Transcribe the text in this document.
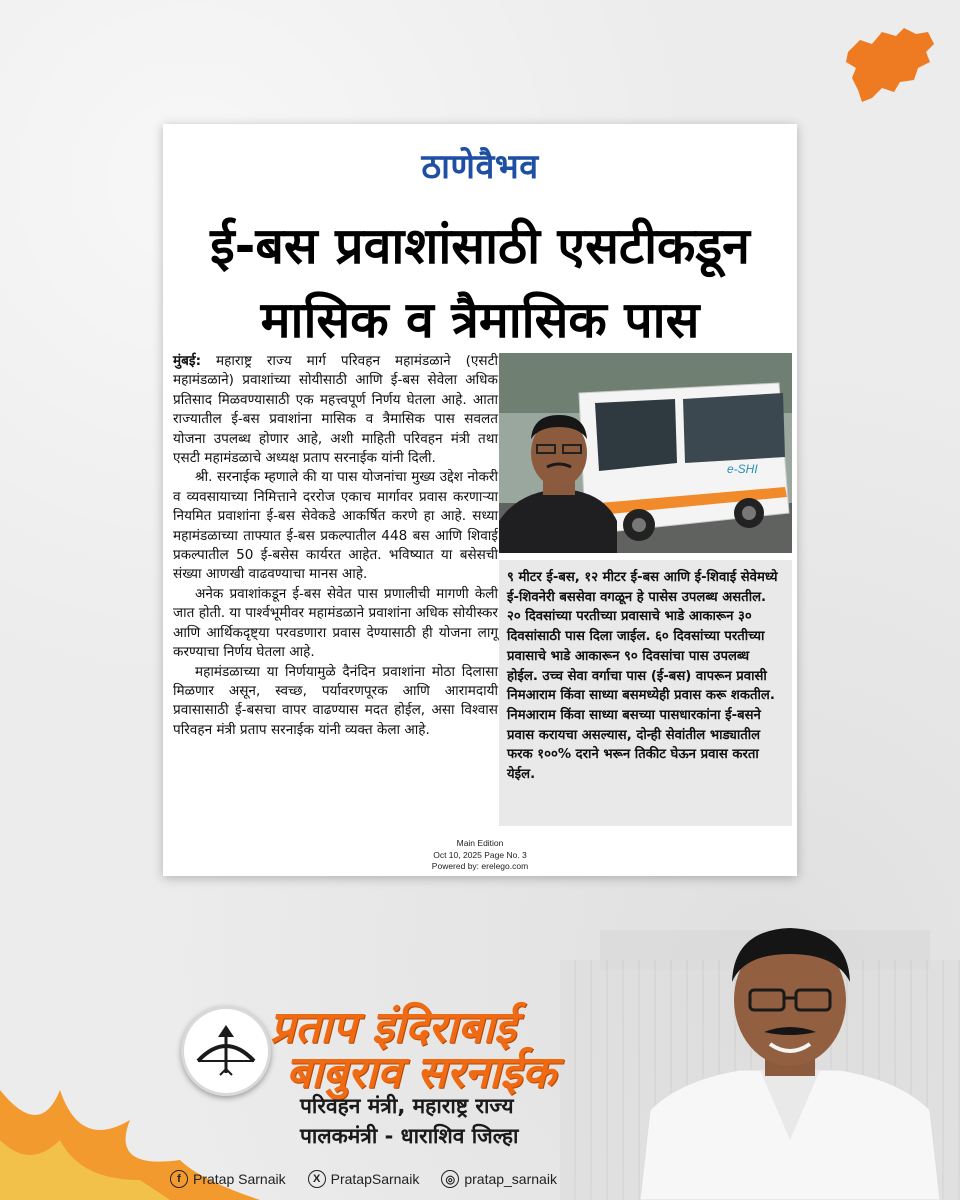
ठाणेवैभव
ई-बस प्रवाशांसाठी एसटीकडून
मासिक व त्रैमासिक पास

मुंबई: महाराष्ट्र राज्य मार्ग परिवहन महामंडळाने (एसटी महामंडळाने) प्रवाशांच्या सोयीसाठी आणि ई-बस सेवेला अधिक प्रतिसाद मिळवण्यासाठी एक महत्त्वपूर्ण निर्णय घेतला आहे. आता राज्यातील ई-बस प्रवाशांना मासिक व त्रैमासिक पास सवलत योजना उपलब्ध होणार आहे, अशी माहिती परिवहन मंत्री तथा एसटी महामंडळाचे अध्यक्ष प्रताप सरनाईक यांनी दिली.

श्री. सरनाईक म्हणाले की या पास योजनांचा मुख्य उद्देश नोकरी व व्यवसायाच्या निमित्ताने दररोज एकाच मार्गावर प्रवास करणाऱ्या नियमित प्रवाशांना ई-बस सेवेकडे आकर्षित करणे हा आहे. सध्या महामंडळाच्या ताफ्यात ई-बस प्रकल्पातील 448 बस आणि शिवाई प्रकल्पातील 50 ई-बसेस कार्यरत आहेत. भविष्यात या बसेसची संख्या आणखी वाढवण्याचा मानस आहे.

अनेक प्रवाशांकडून ई-बस सेवेत पास प्रणालीची मागणी केली जात होती. या पार्श्वभूमीवर महामंडळाने प्रवाशांना अधिक सोयीस्कर आणि आर्थिकदृष्ट्या परवडणारा प्रवास देण्यासाठी ही योजना लागू करण्याचा निर्णय घेतला आहे.

महामंडळाच्या या निर्णयामुळे दैनंदिन प्रवाशांना मोठा दिलासा मिळणार असून, स्वच्छ, पर्यावरणपूरक आणि आरामदायी प्रवासासाठी ई-बसचा वापर वाढण्यास मदत होईल, असा विश्वास परिवहन मंत्री प्रताप सरनाईक यांनी व्यक्त केला आहे.

e-SHI
९ मीटर ई-बस, १२ मीटर ई-बस आणि ई-शिवाई सेवेमध्ये ई-शिवनेरी बससेवा वगळून हे पासेस उपलब्ध असतील. २० दिवसांच्या परतीच्या प्रवासाचे भाडे आकारून ३० दिवसांसाठी पास दिला जाईल. ६० दिवसांच्या परतीच्या प्रवासाचे भाडे आकारून ९० दिवसांचा पास उपलब्ध होईल. उच्च सेवा वर्गाचा पास (ई-बस) वापरून प्रवासी निमआराम किंवा साध्या बसमध्येही प्रवास करू शकतील. निमआराम किंवा साध्या बसच्या पासधारकांना ई-बसने प्रवास करायचा असल्यास, दोन्ही सेवांतील भाड्यातील फरक १००% दराने भरून तिकीट घेऊन प्रवास करता येईल.
Main Edition
Oct 10, 2025 Page No. 3
Powered by: erelego.com
प्रताप इंदिराबाई
बाबुराव सरनाईक
परिवहन मंत्री, महाराष्ट्र राज्य
पालकमंत्री - धाराशिव जिल्हा
f Pratap Sarnaik	X PratapSarnaik	◎ pratap_sarnaik
